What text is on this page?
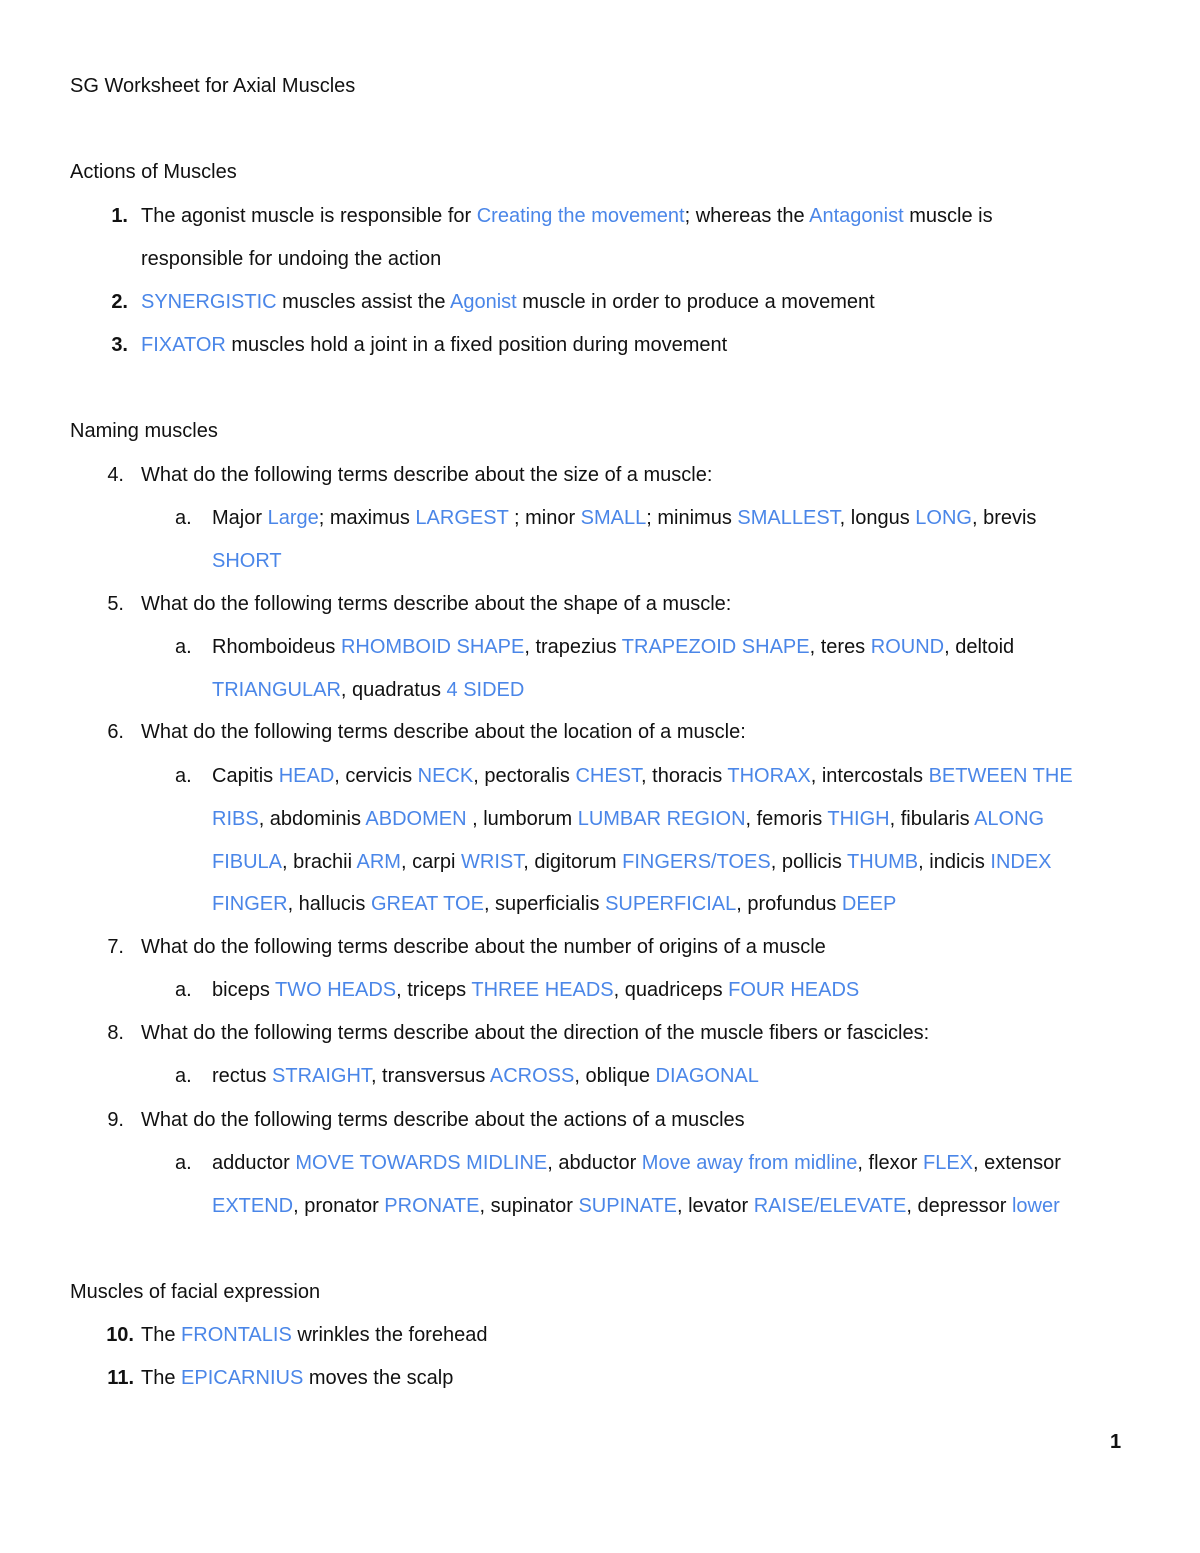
SG Worksheet for Axial Muscles
Actions of Muscles
1. The agonist muscle is responsible for Creating the movement; whereas the Antagonist muscle is
responsible for undoing the action
2. SYNERGISTIC muscles assist the Agonist muscle in order to produce a movement
3. FIXATOR muscles hold a joint in a fixed position during movement
Naming muscles
4. What do the following terms describe about the size of a muscle:
a. Major Large; maximus LARGEST ; minor SMALL; minimus SMALLEST, longus LONG, brevis
SHORT
5. What do the following terms describe about the shape of a muscle:
a. Rhomboideus RHOMBOID SHAPE, trapezius TRAPEZOID SHAPE, teres ROUND, deltoid
TRIANGULAR, quadratus 4 SIDED
6. What do the following terms describe about the location of a muscle:
a. Capitis HEAD, cervicis NECK, pectoralis CHEST, thoracis THORAX, intercostals BETWEEN THE
RIBS, abdominis ABDOMEN , lumborum LUMBAR REGION, femoris THIGH, fibularis ALONG
FIBULA, brachii ARM, carpi WRIST, digitorum FINGERS/TOES, pollicis THUMB, indicis INDEX
FINGER, hallucis GREAT TOE, superficialis SUPERFICIAL, profundus DEEP
7. What do the following terms describe about the number of origins of a muscle
a. biceps TWO HEADS, triceps THREE HEADS, quadriceps FOUR HEADS
8. What do the following terms describe about the direction of the muscle fibers or fascicles:
a. rectus STRAIGHT, transversus ACROSS, oblique DIAGONAL
9. What do the following terms describe about the actions of a muscles
a. adductor MOVE TOWARDS MIDLINE, abductor Move away from midline, flexor FLEX, extensor
EXTEND, pronator PRONATE, supinator SUPINATE, levator RAISE/ELEVATE, depressor lower
Muscles of facial expression
10. The FRONTALIS wrinkles the forehead
11. The EPICARNIUS moves the scalp
1
